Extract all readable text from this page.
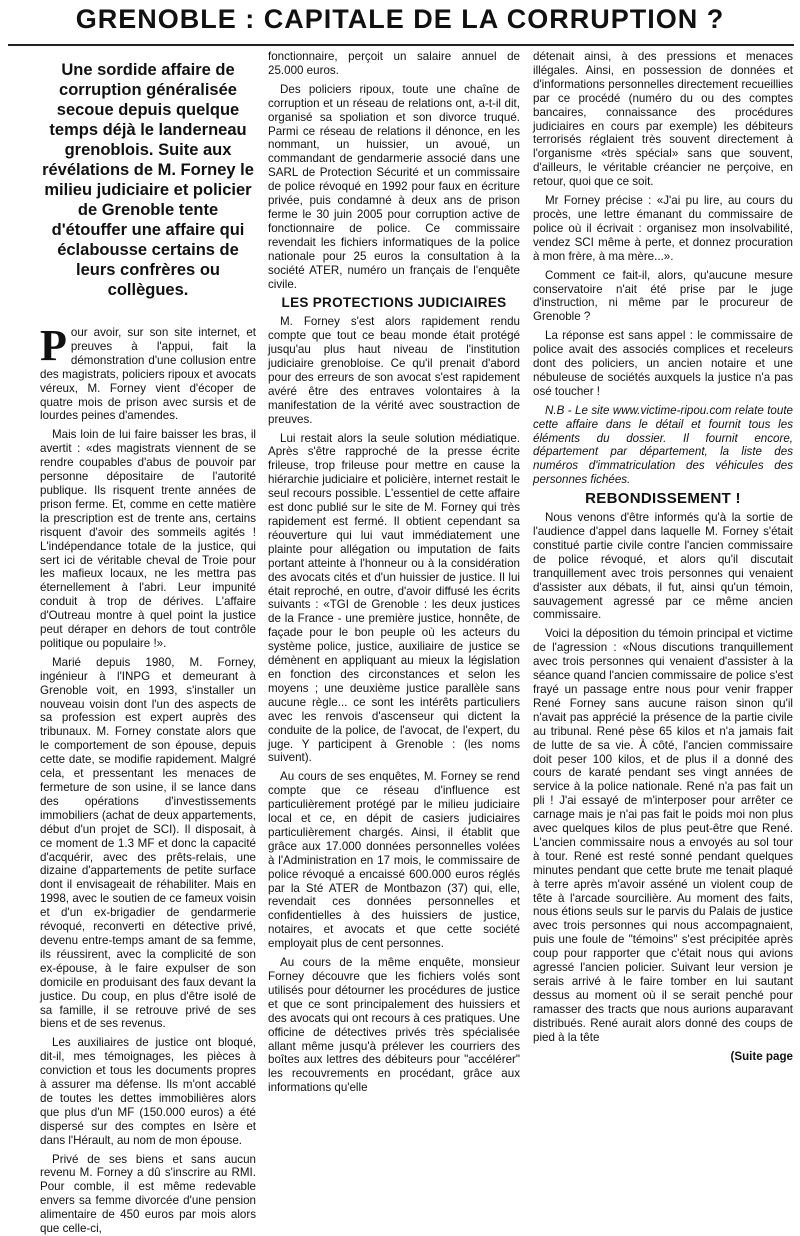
GRENOBLE : CAPITALE DE LA CORRUPTION ?
Une sordide affaire de corruption généralisée secoue depuis quelque temps déjà le landerneau grenoblois. Suite aux révélations de M. Forney le milieu judiciaire et policier de Grenoble tente d'étouffer une affaire qui éclabousse certains de leurs confrères ou collègues.
P our avoir, sur son site internet, et preuves à l'appui, fait la démonstration d'une collusion entre des magistrats, policiers ripoux et avocats véreux, M. Forney vient d'écoper de quatre mois de prison avec sursis et de lourdes peines d'amendes.

Mais loin de lui faire baisser les bras, il avertit : «des magistrats viennent de se rendre coupables d'abus de pouvoir par personne dépositaire de l'autorité publique. Ils risquent trente années de prison ferme. Et, comme en cette matière la prescription est de trente ans, certains risquent d'avoir des sommeils agités ! L'indépendance totale de la justice, qui sert ici de véritable cheval de Troie pour les mafieux locaux, ne les mettra pas éternellement à l'abri. Leur impunité conduit à trop de dérives. L'affaire d'Outreau montre à quel point la justice peut déraper en dehors de tout contrôle politique ou populaire !».

Marié depuis 1980, M. Forney, ingénieur à l'INPG et demeurant à Grenoble voit, en 1993, s'installer un nouveau voisin dont l'un des aspects de sa profession est expert auprès des tribunaux. M. Forney constate alors que le comportement de son épouse, depuis cette date, se modifie rapidement. Malgré cela, et pressentant les menaces de fermeture de son usine, il se lance dans des opérations d'investissements immobiliers (achat de deux appartements, début d'un projet de SCI). Il disposait, à ce moment de 1.3 MF et donc la capacité d'acquérir, avec des prêts-relais, une dizaine d'appartements de petite surface dont il envisageait de réhabiliter. Mais en 1998, avec le soutien de ce fameux voisin et d'un ex-brigadier de gendarmerie révoqué, reconverti en détective privé, devenu entre-temps amant de sa femme, ils réussirent, avec la complicité de son ex-épouse, à le faire expulser de son domicile en produisant des faux devant la justice. Du coup, en plus d'être isolé de sa famille, il se retrouve privé de ses biens et de ses revenus.

Les auxiliaires de justice ont bloqué, dit-il, mes témoignages, les pièces à conviction et tous les documents propres à assurer ma défense. Ils m'ont accablé de toutes les dettes immobilières alors que plus d'un MF (150.000 euros) a été dispersé sur des comptes en Isère et dans l'Hérault, au nom de mon épouse.

Privé de ses biens et sans aucun revenu M. Forney a dû s'inscrire au RMI. Pour comble, il est même redevable envers sa femme divorcée d'une pension alimentaire de 450 euros par mois alors que celle-ci,

fonctionnaire, perçoit un salaire annuel de 25.000 euros.

Des policiers ripoux, toute une chaîne de corruption et un réseau de relations ont, a-t-il dit, organisé sa spoliation et son divorce truqué. Parmi ce réseau de relations il dénonce, en les nommant, un huissier, un avoué, un commandant de gendarmerie associé dans une SARL de Protection Sécurité et un commissaire de police révoqué en 1992 pour faux en écriture privée, puis condamné à deux ans de prison ferme le 30 juin 2005 pour corruption active de fonctionnaire de police. Ce commissaire revendait les fichiers informatiques de la police nationale pour 25 euros la consultation à la société ATER, numéro un français de l'enquête civile.

LES PROTECTIONS JUDICIAIRES

M. Forney s'est alors rapidement rendu compte que tout ce beau monde était protégé jusqu'au plus haut niveau de l'institution judiciaire grenobloise. Ce qu'il prenait d'abord pour des erreurs de son avocat s'est rapidement avéré être des entraves volontaires à la manifestation de la vérité avec soustraction de preuves.

Lui restait alors la seule solution médiatique. Après s'être rapproché de la presse écrite frileuse, trop frileuse pour mettre en cause la hiérarchie judiciaire et policière, internet restait le seul recours possible. L'essentiel de cette affaire est donc publié sur le site de M. Forney qui très rapidement est fermé. Il obtient cependant sa réouverture qui lui vaut immédiatement une plainte pour allégation ou imputation de faits portant atteinte à l'honneur ou à la considération des avocats cités et d'un huissier de justice. Il lui était reproché, en outre, d'avoir diffusé les écrits suivants : «TGI de Grenoble : les deux justices de la France - une première justice, honnête, de façade pour le bon peuple où les acteurs du système police, justice, auxiliaire de justice se démènent en appliquant au mieux la législation en fonction des circonstances et selon les moyens ; une deuxième justice parallèle sans aucune règle... ce sont les intérêts particuliers avec les renvois d'ascenseur qui dictent la conduite de la police, de l'avocat, de l'expert, du juge. Y participent à Grenoble : (les noms suivent).

Au cours de ses enquêtes, M. Forney se rend compte que ce réseau d'influence est particulièrement protégé par le milieu judiciaire local et ce, en dépit de casiers judiciaires particulièrement chargés. Ainsi, il établit que grâce aux 17.000 données personnelles volées à l'Administration en 17 mois, le commissaire de police révoqué a encaissé 600.000 euros réglés par la Sté ATER de Montbazon (37) qui, elle, revendait ces données personnelles et confidentielles à des huissiers de justice, notaires, et avocats et que cette société employait plus de cent personnes.

Au cours de la même enquête, monsieur Forney découvre que les fichiers volés sont utilisés pour détourner les procédures de justice et que ce sont principalement des huissiers et des avocats qui ont recours à ces pratiques. Une officine de détectives privés très spécialisée allant même jusqu'à prélever les courriers des boîtes aux lettres des débiteurs pour "accélérer" les recouvrements en procédant, grâce aux informations qu'elle

détenait ainsi, à des pressions et menaces illégales. Ainsi, en possession de données et d'informations personnelles directement recueillies par ce procédé (numéro du ou des comptes bancaires, connaissance des procédures judiciaires en cours par exemple) les débiteurs terrorisés réglaient très souvent directement à l'organisme «très spécial» sans que souvent, d'ailleurs, le véritable créancier ne perçoive, en retour, quoi que ce soit.

Mr Forney précise : «J'ai pu lire, au cours du procès, une lettre émanant du commissaire de police où il écrivait : organisez mon insolvabilité, vendez SCI même à perte, et donnez procuration à mon frère, à ma mère...».

Comment ce fait-il, alors, qu'aucune mesure conservatoire n'ait été prise par le juge d'instruction, ni même par le procureur de Grenoble ?

La réponse est sans appel : le commissaire de police avait des associés complices et receleurs dont des policiers, un ancien notaire et une nébuleuse de sociétés auxquels la justice n'a pas osé toucher !

N.B - Le site www.victime-ripou.com relate toute cette affaire dans le détail et fournit tous les éléments du dossier. Il fournit encore, département par département, la liste des numéros d'immatriculation des véhicules des personnes fichées.

REBONDISSEMENT !

Nous venons d'être informés qu'à la sortie de l'audience d'appel dans laquelle M. Forney s'était constitué partie civile contre l'ancien commissaire de police révoqué, et alors qu'il discutait tranquillement avec trois personnes qui venaient d'assister aux débats, il fut, ainsi qu'un témoin, sauvagement agressé par ce même ancien commissaire.

Voici la déposition du témoin principal et victime de l'agression : «Nous discutions tranquillement avec trois personnes qui venaient d'assister à la séance quand l'ancien commissaire de police s'est frayé un passage entre nous pour venir frapper René Forney sans aucune raison sinon qu'il n'avait pas apprécié la présence de la partie civile au tribunal. René pèse 65 kilos et n'a jamais fait de lutte de sa vie. À côté, l'ancien commissaire doit peser 100 kilos, et de plus il a donné des cours de karaté pendant ses vingt années de service à la police nationale. René n'a pas fait un pli ! J'ai essayé de m'interposer pour arrêter ce carnage mais je n'ai pas fait le poids moi non plus avec quelques kilos de plus peut-être que René. L'ancien commissaire nous a envoyés au sol tour à tour. René est resté sonné pendant quelques minutes pendant que cette brute me tenait plaqué à terre après m'avoir asséné un violent coup de tête à l'arcade sourcilière. Au moment des faits, nous étions seuls sur le parvis du Palais de justice avec trois personnes qui nous accompagnaient, puis une foule de "témoins" s'est précipitée après coup pour rapporter que c'était nous qui avions agressé l'ancien policier. Suivant leur version je serais arrivé à le faire tomber en lui sautant dessus au moment où il se serait penché pour ramasser des tracts que nous aurions auparavant distribués. René aurait alors donné des coups de pied à la tête

(Suite page
